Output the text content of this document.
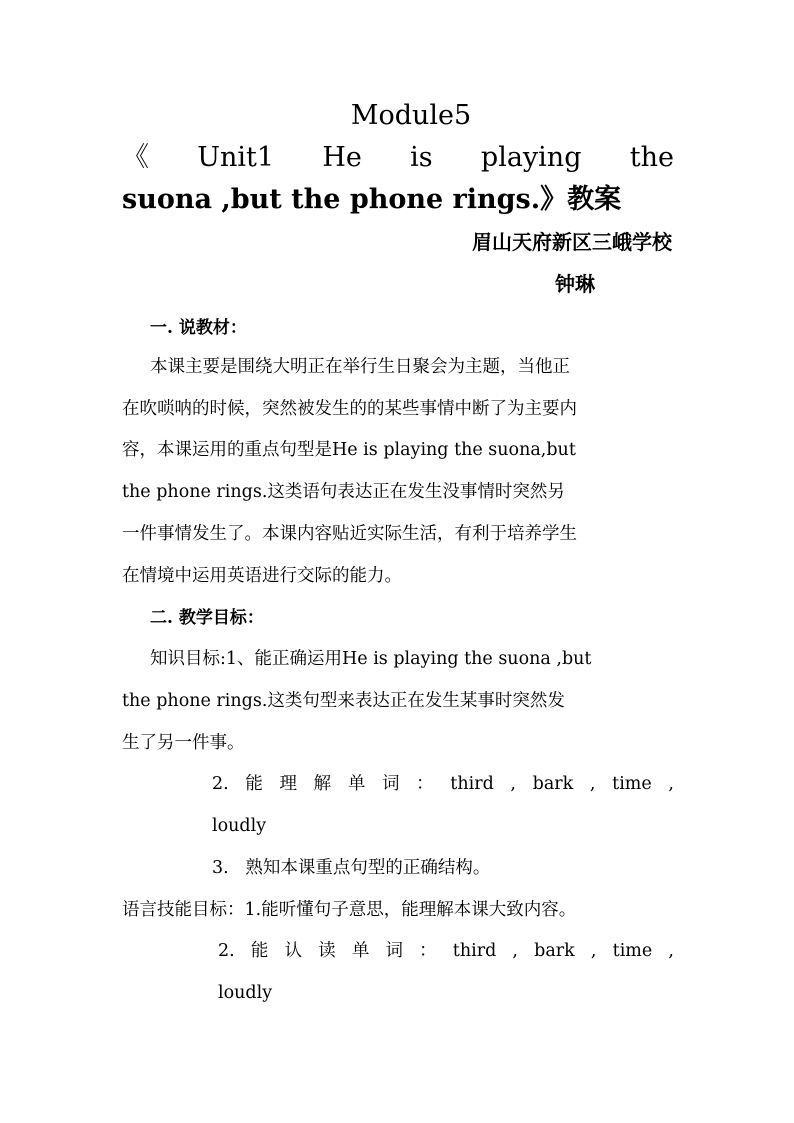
Module5
《 Unit1 He is playing the
suona ,but the phone rings.》教案
眉山天府新区三峨学校
钟琳
一. 说教材：
本课主要是围绕大明正在举行生日聚会为主题，当他正
在吹唢呐的时候，突然被发生的的某些事情中断了为主要内
容，本课运用的重点句型是He is playing the suona,but
the phone rings.这类语句表达正在发生没事情时突然另
一件事情发生了。本课内容贴近实际生活，有利于培养学生
在情境中运用英语进行交际的能力。
二. 教学目标：
知识目标:1、能正确运用He is playing the suona ,but
the phone rings.这类句型来表达正在发生某事时突然发
生了另一件事。
2. 能 理 解 单 词 ： third , bark , time ,
loudly
3.   熟知本课重点句型的正确结构。
语言技能目标：1.能听懂句子意思，能理解本课大致内容。
2. 能 认 读 单 词 ： third , bark , time ,
loudly
